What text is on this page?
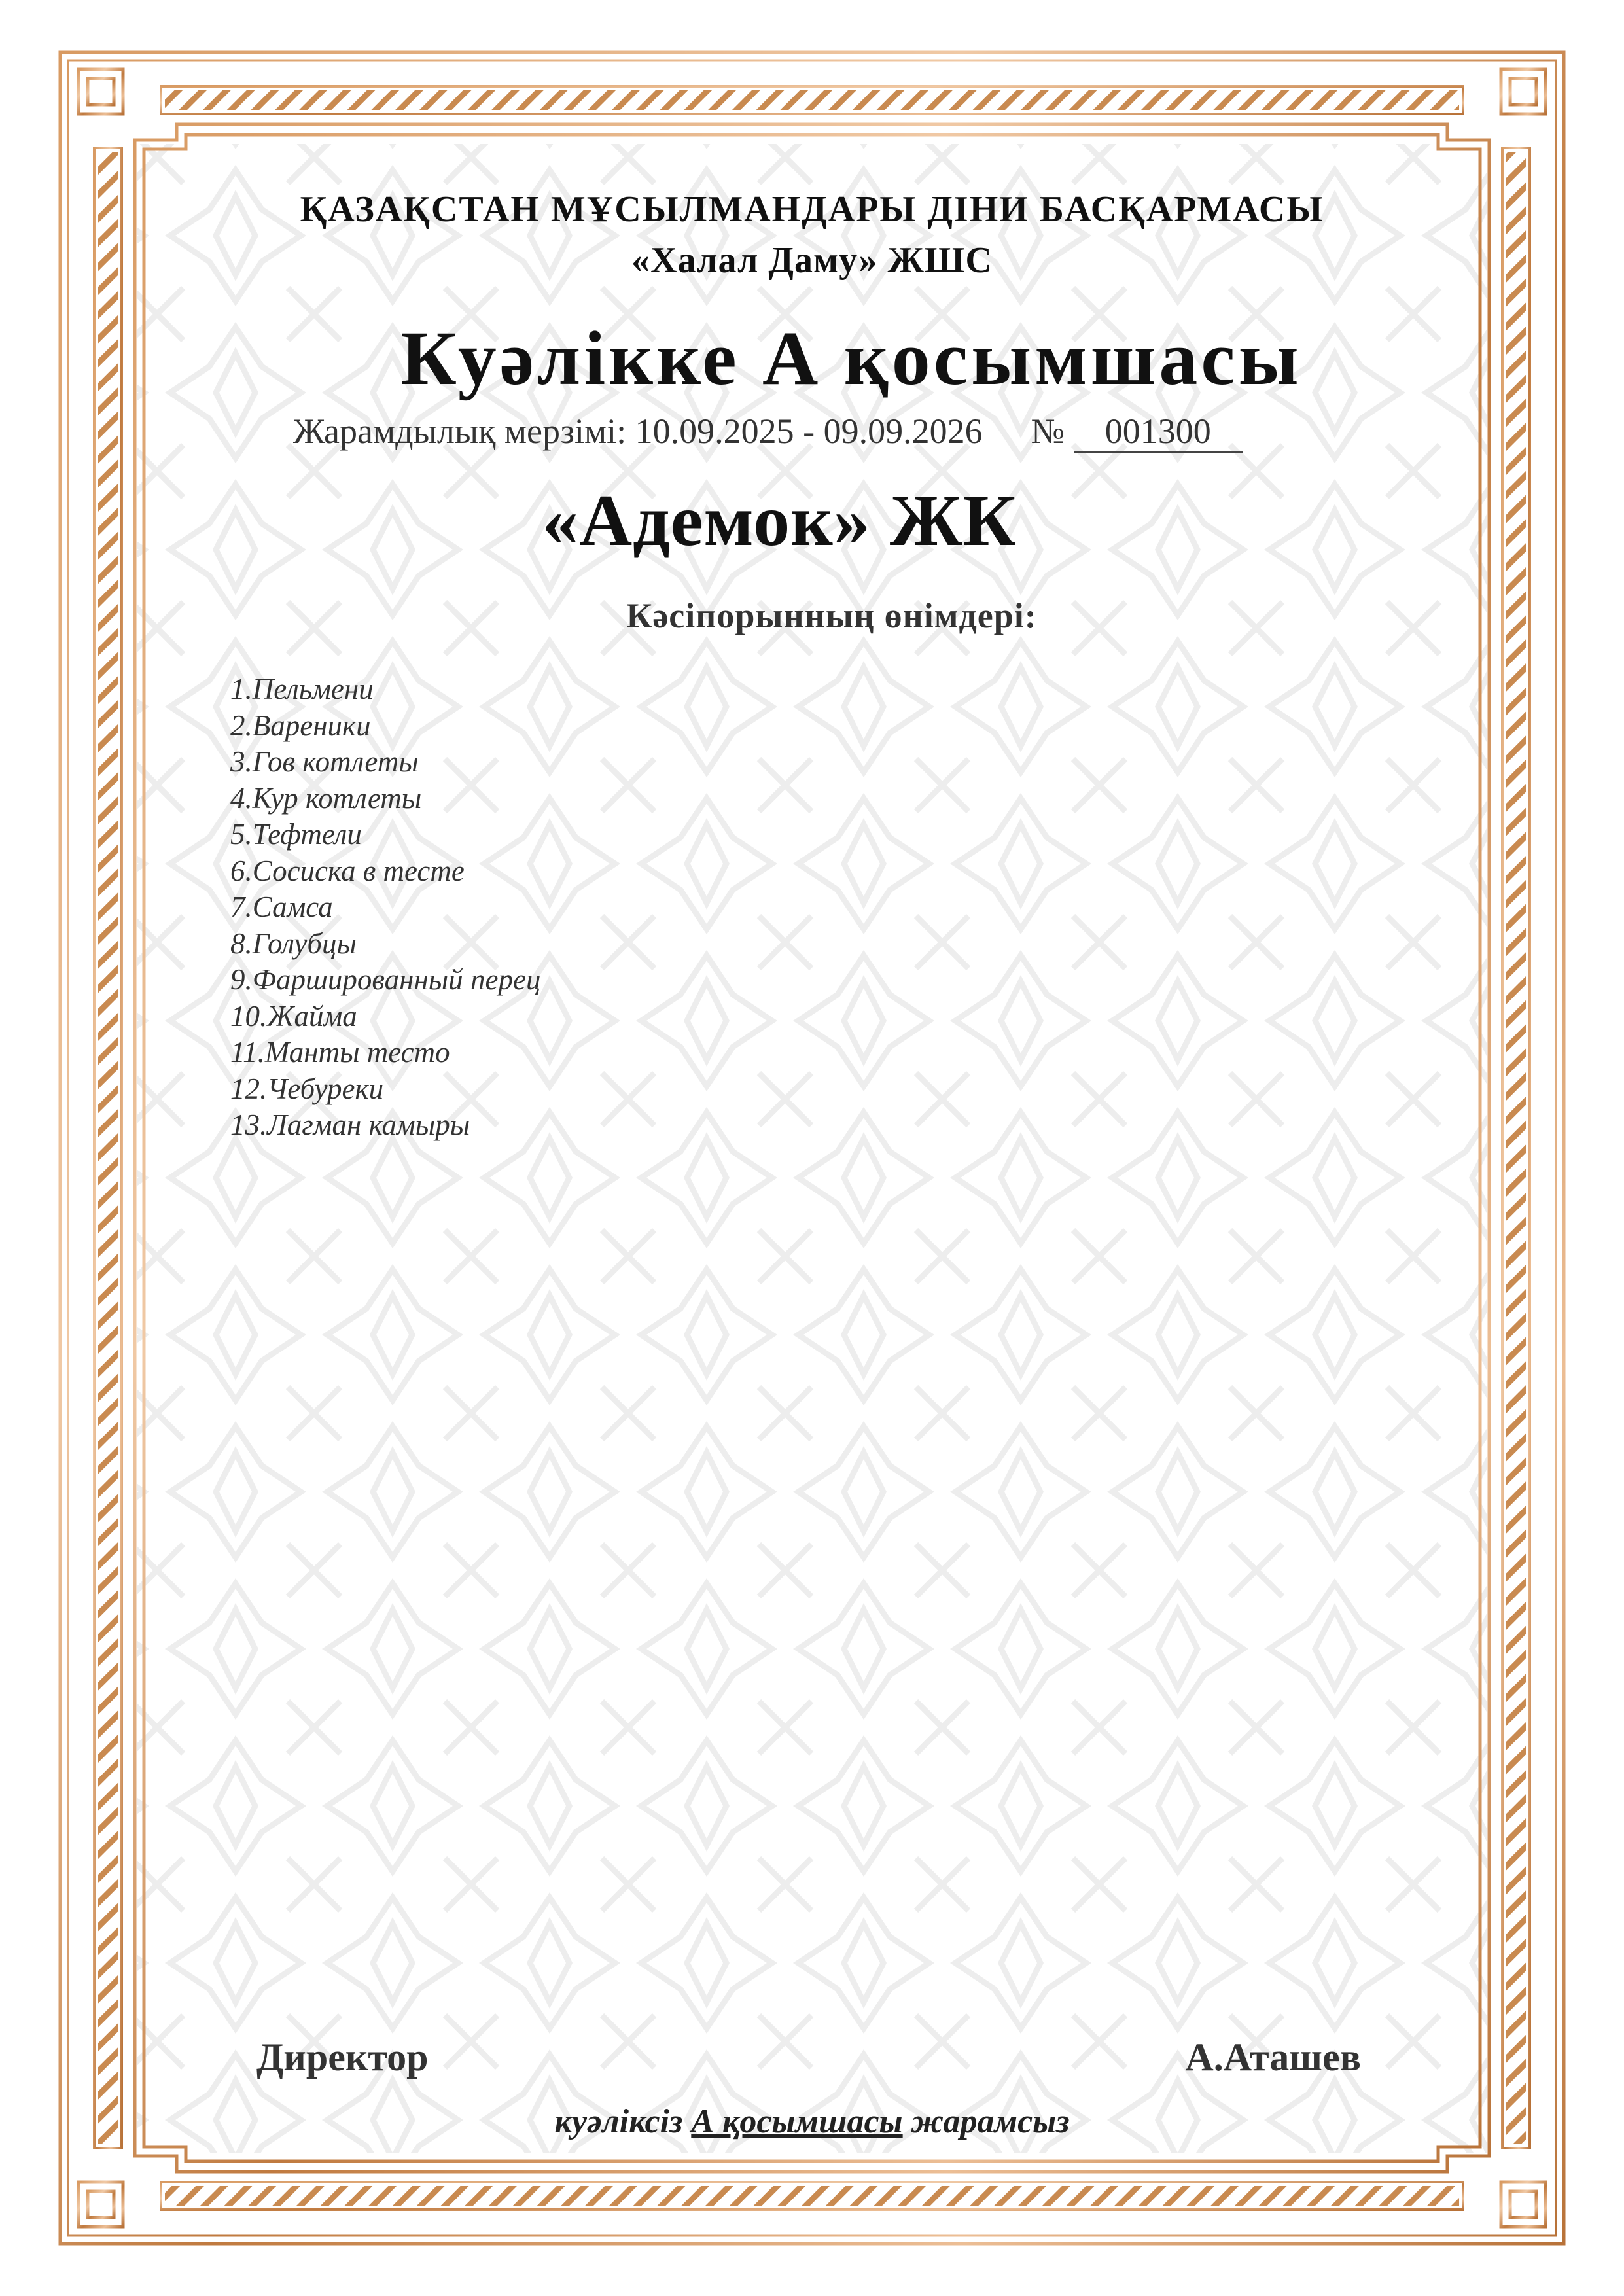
ҚАЗАҚСТАН МҰСЫЛМАНДАРЫ ДІНИ БАСҚАРМАСЫ
«Халал Даму» ЖШС
Куәлікке А қосымшасы
Жарамдылық мерзімі: 10.09.2025 - 09.09.2026 № 001300
«Адемок» ЖК
Кәсіпорынның өнімдері:
1.Пельмени
2.Вареники
3.Гов котлеты
4.Кур котлеты
5.Тефтели
6.Сосиска в тесте
7.Самса
8.Голубцы
9.Фаршированный перец
10.Жайма
11.Манты тесто
12.Чебуреки
13.Лагман камыры
Директор	А.Аташев
куәліксіз А қосымшасы жарамсыз
